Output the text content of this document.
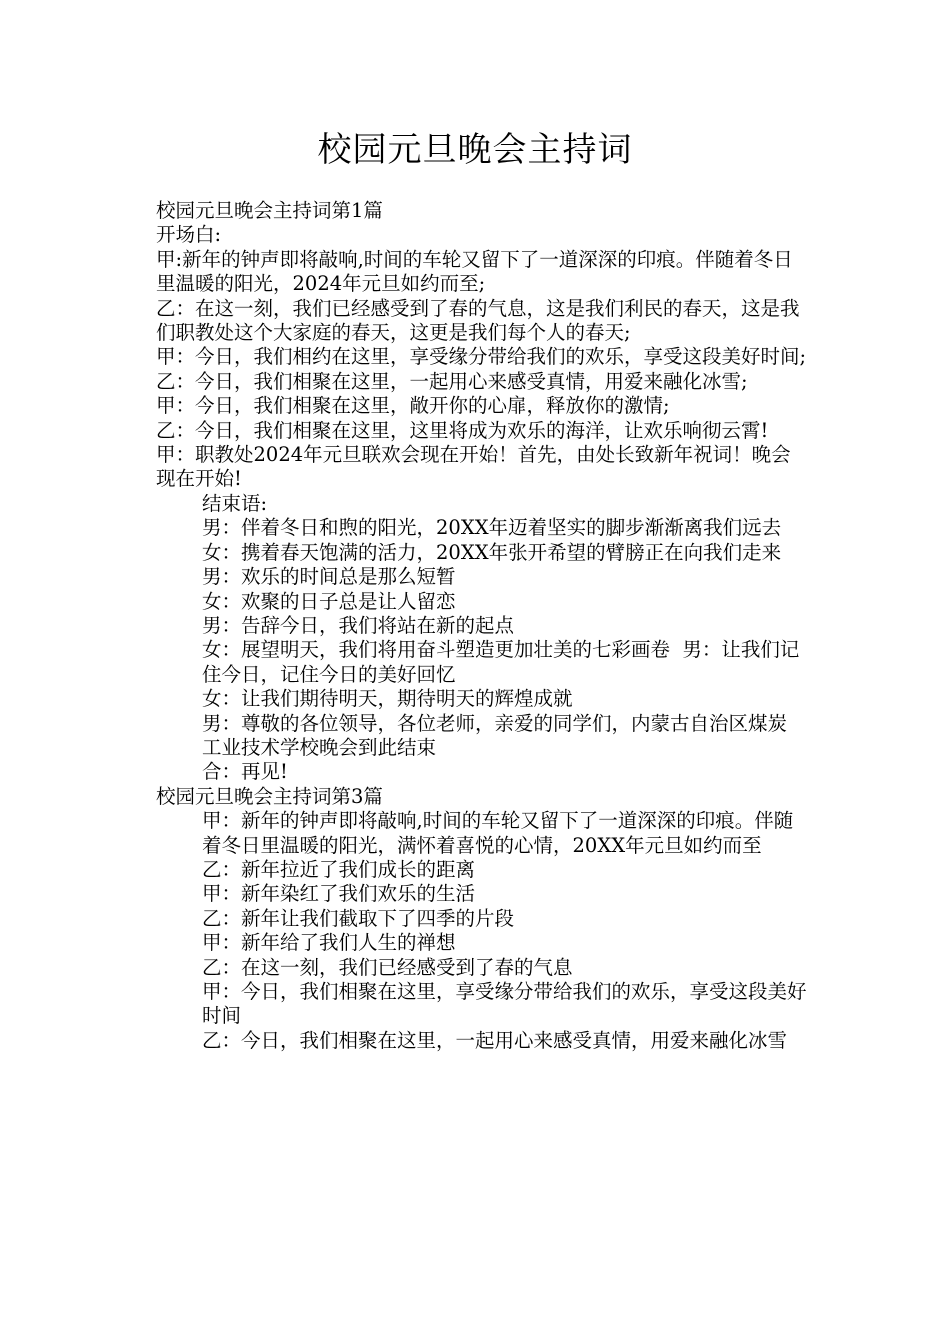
校园元旦晚会主持词

校园元旦晚会主持词第1篇

开场白:

甲:新年的钟声即将敲响,时间的车轮又留下了一道深深的印痕。伴随着冬日里温暖的阳光，2024年元旦如约而至;

乙：在这一刻，我们已经感受到了春的气息，这是我们利民的春天，这是我们职教处这个大家庭的春天，这更是我们每个人的春天;

甲：今日，我们相约在这里，享受缘分带给我们的欢乐，享受这段美好时间;

乙：今日，我们相聚在这里，一起用心来感受真情，用爱来融化冰雪;

甲：今日，我们相聚在这里，敞开你的心扉，释放你的激情;

乙：今日，我们相聚在这里，这里将成为欢乐的海洋，让欢乐响彻云霄!

甲：职教处2024年元旦联欢会现在开始！首先，由处长致新年祝词！晚会现在开始!

结束语:

男：伴着冬日和煦的阳光，20XX年迈着坚实的脚步渐渐离我们远去  女：携着春天饱满的活力，20XX年张开希望的臂膀正在向我们走来 男：欢乐的时间总是那么短暂

女：欢聚的日子总是让人留恋

男：告辞今日，我们将站在新的起点

女：展望明天，我们将用奋斗塑造更加壮美的七彩画卷  男：让我们记住今日，记住今日的美好回忆

女：让我们期待明天，期待明天的辉煌成就

男：尊敬的各位领导，各位老师，亲爱的同学们，内蒙古自治区煤炭

工业技术学校晚会到此结束

合：再见!

校园元旦晚会主持词第3篇

甲：新年的钟声即将敲响,时间的车轮又留下了一道深深的印痕。伴随着冬日里温暖的阳光，满怀着喜悦的心情，20XX年元旦如约而至

乙：新年拉近了我们成长的距离

甲：新年染红了我们欢乐的生活

乙：新年让我们截取下了四季的片段

甲：新年给了我们人生的禅想

乙：在这一刻，我们已经感受到了春的气息

甲：今日，我们相聚在这里，享受缘分带给我们的欢乐，享受这段美好时间

乙：今日，我们相聚在这里，一起用心来感受真情，用爱来融化冰雪
